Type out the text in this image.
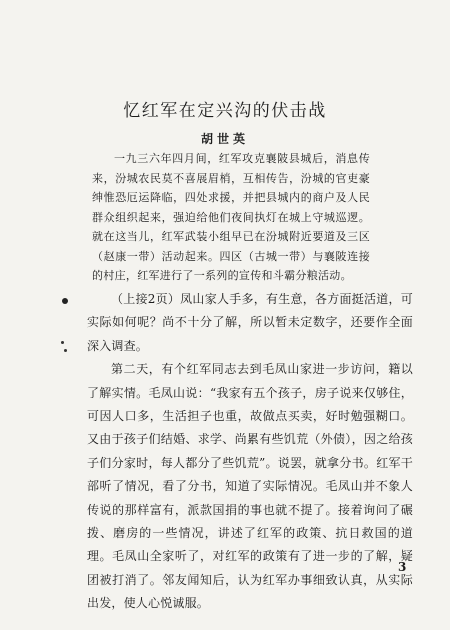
忆红军在定兴沟的伏击战
胡世英

一九三六年四月间，红军攻克襄陂县城后，消息传来，汾城农民莫不喜展眉梢，互相传告，汾城的官吏豪绅惟恐厄运降临，四处求援，并把县城内的商户及人民群众组织起来，强迫给他们夜间执灯在城上守城巡逻。就在这当儿，红军武装小组早已在汾城附近要道及三区（赵康一带）活动起来。四区（古城一带）与襄陂连接的村庄，红军进行了一系列的宣传和斗霸分粮活动。

（上接2页）凤山家人手多，有生意，各方面挺活道，可实际如何呢？尚不十分了解，所以暂未定数字，还要作全面深入调查。

第二天，有个红军同志去到毛凤山家进一步访问，籍以了解实情。毛凤山说：“我家有五个孩子，房子说来仅够住，可因人口多，生活担子也重，故做点买卖，好时勉强糊口。又由于孩子们结婚、求学、尚累有些饥荒（外债），因之给孩子们分家时，每人都分了些饥荒”。说罢，就拿分书。红军干部听了情况，看了分书，知道了实际情况。毛凤山并不象人传说的那样富有，派款国捐的事也就不提了。接着询问了碾拨、磨房的一些情况，讲述了红军的政策、抗日救国的道理。毛凤山全家听了，对红军的政策有了进一步的了解，疑团被打消了。邻友闻知后，认为红军办事细致认真，从实际出发，使人心悦诚服。

3
